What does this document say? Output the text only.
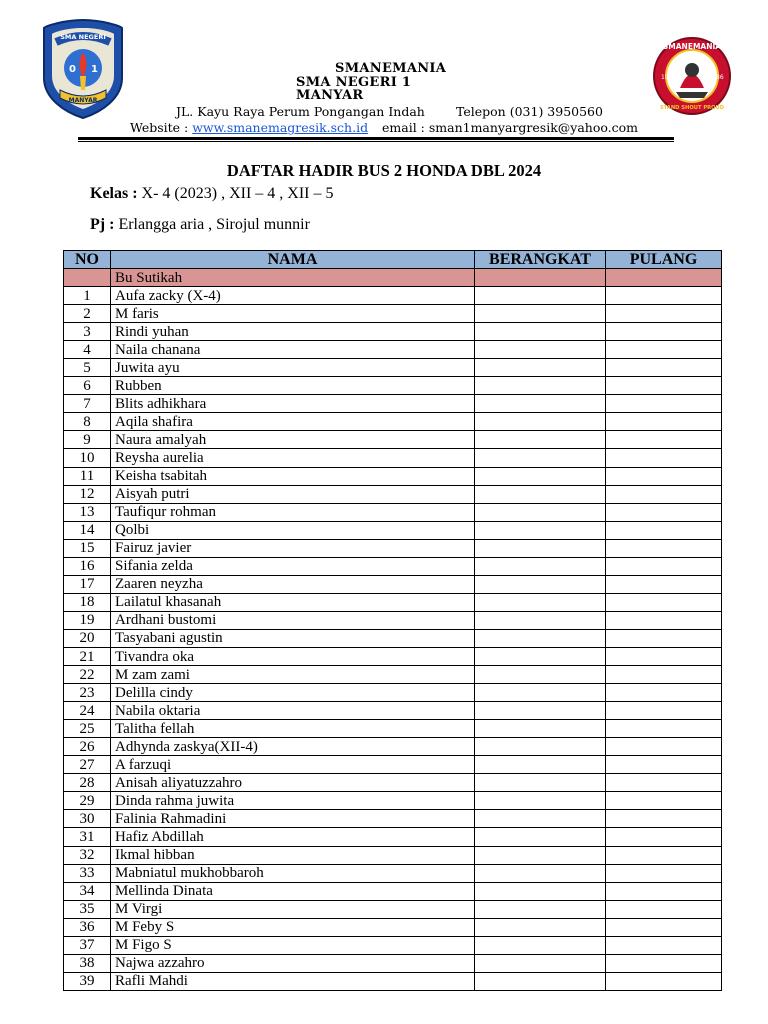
SMA NEGERI
0 1
MANYAR
SMANEMANIA
STAND SHOUT PROUD
19	86
SMANEMANIA
SMA NEGERI 1
MANYAR
JL. Kayu Raya Perum Pongangan Indah Telepon (031) 3950560
Website : www.smanemagresik.sch.id email : sman1manyargresik@yahoo.com
DAFTAR HADIR BUS 2 HONDA DBL 2024
Kelas : X- 4 (2023) , XII – 4 , XII – 5
Pj : Erlangga aria , Sirojul munnir
NO	NAMA	BERANGKAT	PULANG
	Bu Sutikah		
1	Aufa zacky (X-4)		
2	M faris		
3	Rindi yuhan		
4	Naila chanana		
5	Juwita ayu		
6	Rubben		
7	Blits adhikhara		
8	Aqila shafira		
9	Naura amalyah		
10	Reysha aurelia		
11	Keisha tsabitah		
12	Aisyah putri		
13	Taufiqur rohman		
14	Qolbi		
15	Fairuz javier		
16	Sifania zelda		
17	Zaaren neyzha		
18	Lailatul khasanah		
19	Ardhani bustomi		
20	Tasyabani agustin		
21	Tivandra oka		
22	M zam zami		
23	Delilla cindy		
24	Nabila oktaria		
25	Talitha fellah		
26	Adhynda zaskya(XII-4)		
27	A farzuqi		
28	Anisah aliyatuzzahro		
29	Dinda rahma juwita		
30	Falinia Rahmadini		
31	Hafiz Abdillah		
32	Ikmal hibban		
33	Mabniatul mukhobbaroh		
34	Mellinda Dinata		
35	M Virgi		
36	M Feby S		
37	M Figo S		
38	Najwa azzahro		
39	Rafli Mahdi		
